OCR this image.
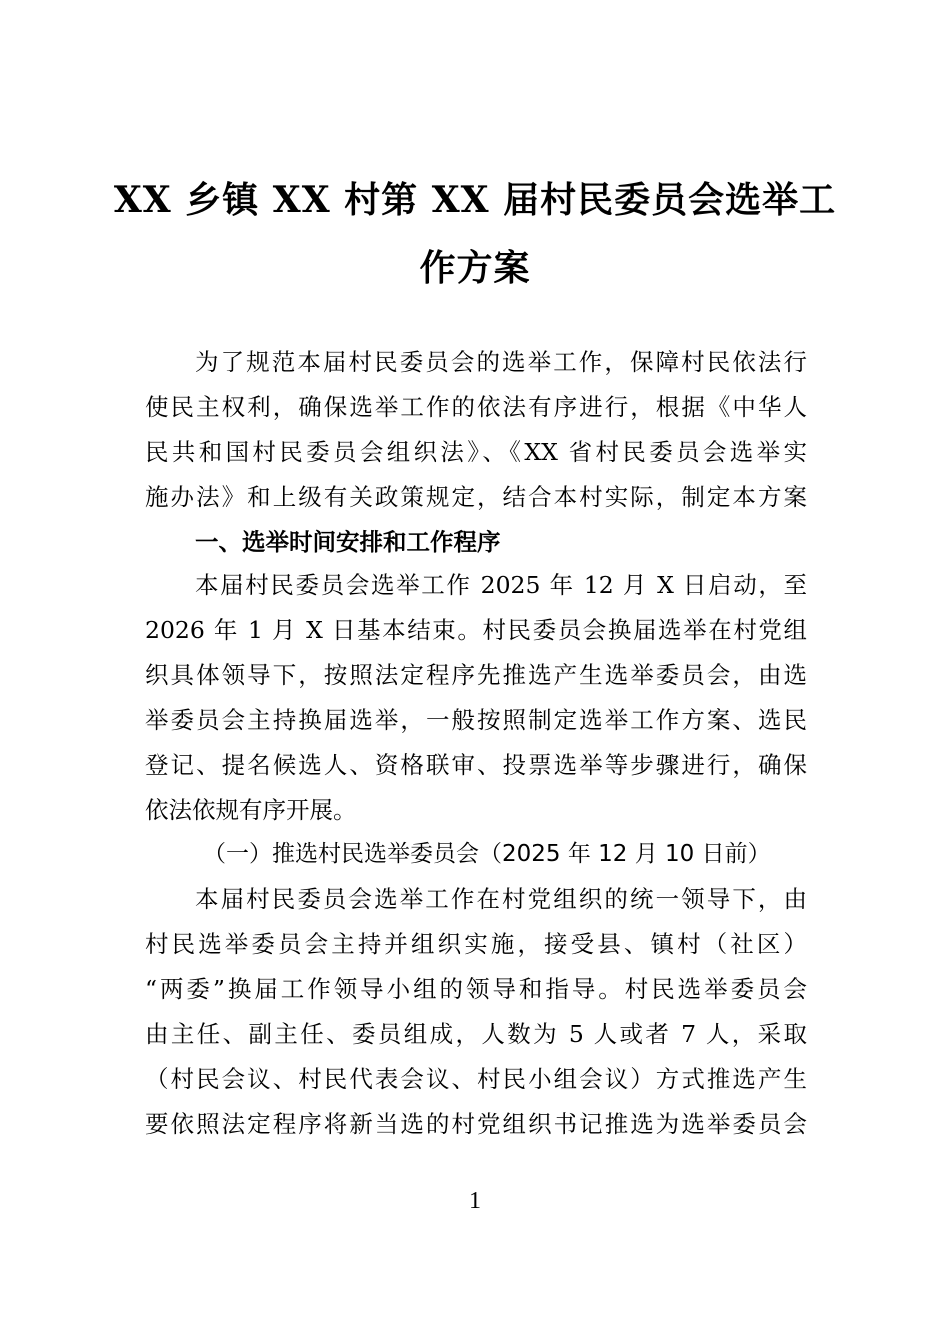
XX 乡镇 XX 村第 XX 届村民委员会选举工
作方案
为了规范本届村民委员会的选举工作，保障村民依法行
使民主权利，确保选举工作的依法有序进行，根据《中华人
民共和国村民委员会组织法》、《XX 省村民委员会选举实
施办法》和上级有关政策规定，结合本村实际，制定本方案
一、选举时间安排和工作程序
本届村民委员会选举工作 2025 年 12 月 X 日启动，至
2026 年 1 月 X 日基本结束。村民委员会换届选举在村党组
织具体领导下，按照法定程序先推选产生选举委员会，由选
举委员会主持换届选举，一般按照制定选举工作方案、选民
登记、提名候选人、资格联审、投票选举等步骤进行，确保
依法依规有序开展。
（一）推选村民选举委员会（2025 年 12 月 10 日前）
本届村民委员会选举工作在村党组织的统一领导下，由
村民选举委员会主持并组织实施，接受县、镇村（社区）
“两委”换届工作领导小组的领导和指导。村民选举委员会
由主任、副主任、委员组成，人数为 5 人或者 7 人，采取
（村民会议、村民代表会议、村民小组会议）方式推选产生
要依照法定程序将新当选的村党组织书记推选为选举委员会
1
